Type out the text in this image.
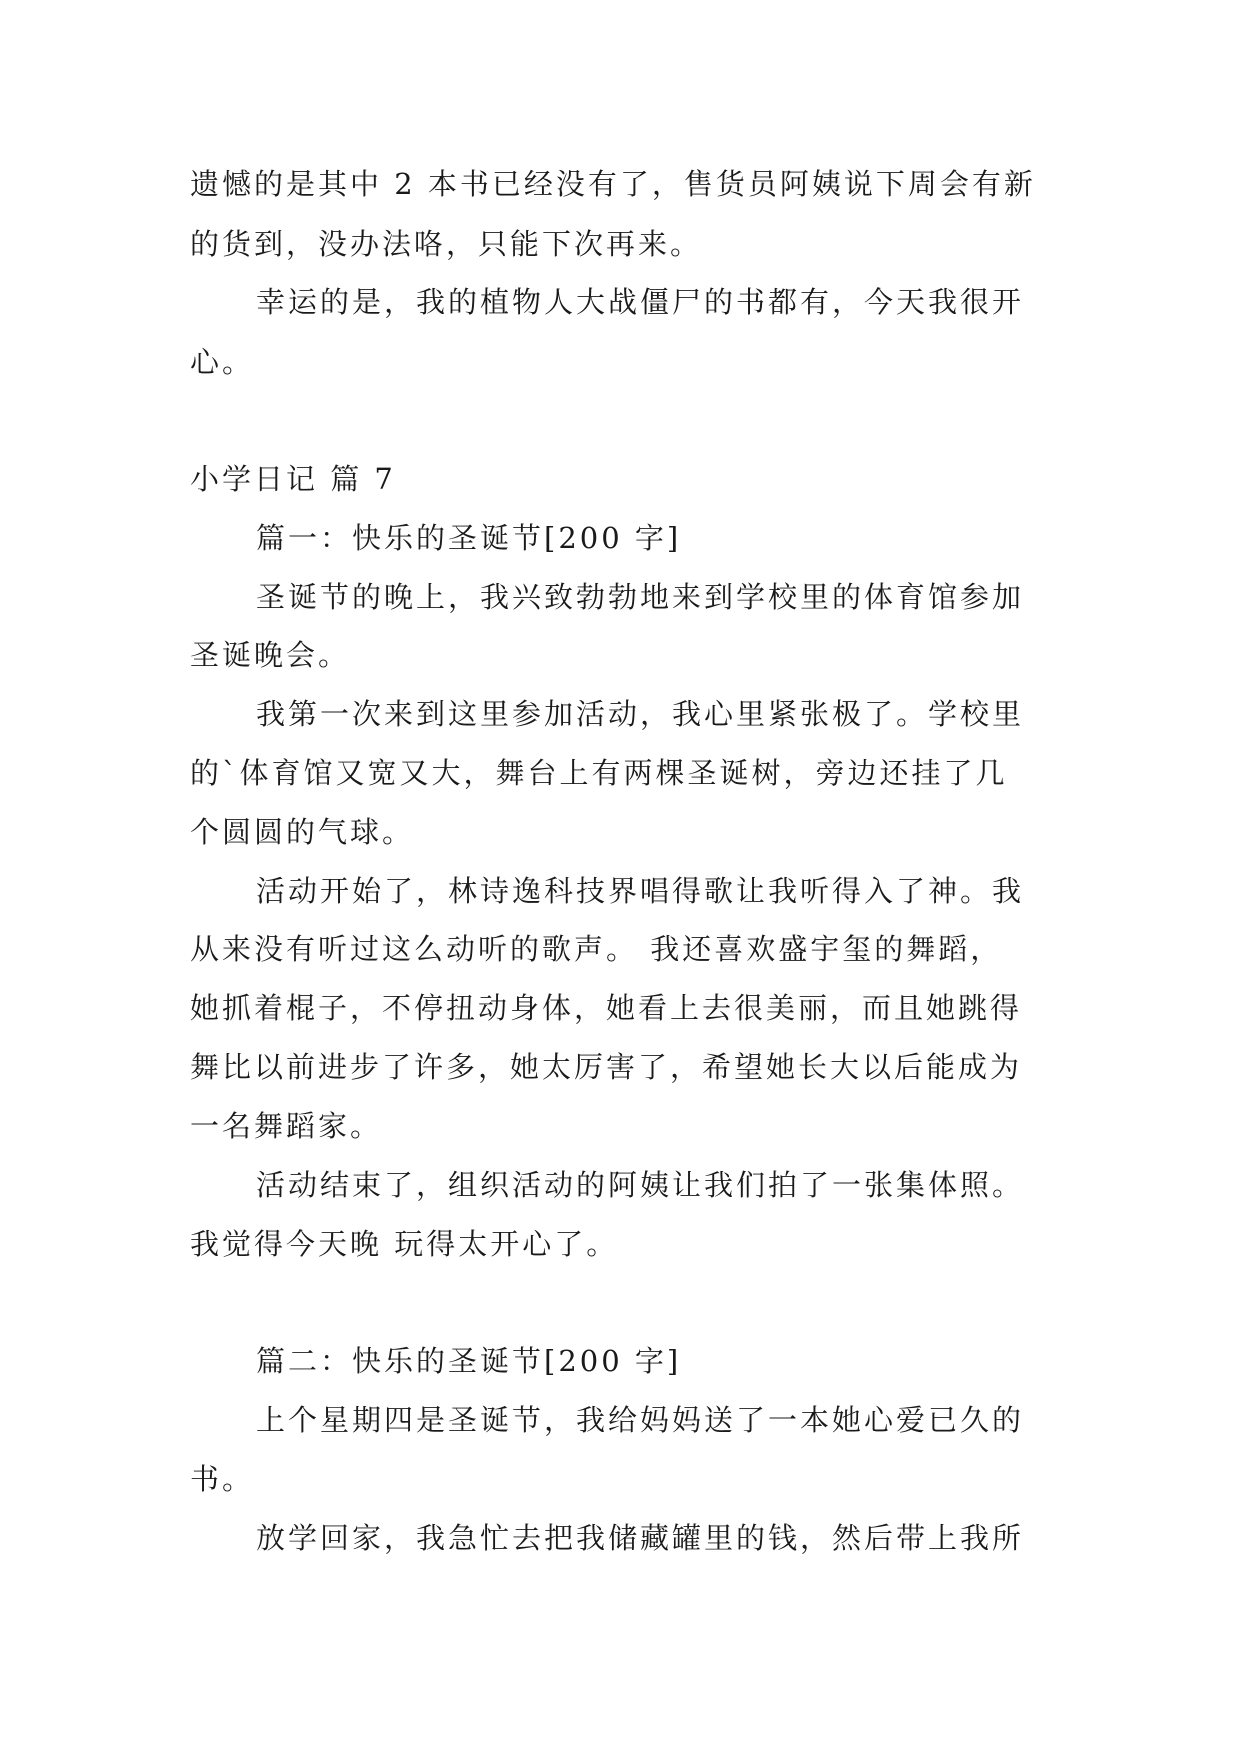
遗憾的是其中 2 本书已经没有了，售货员阿姨说下周会有新
的货到，没办法咯，只能下次再来。
幸运的是，我的植物人大战僵尸的书都有，今天我很开
心。
小学日记 篇 7
篇一：快乐的圣诞节[200 字]
圣诞节的晚上，我兴致勃勃地来到学校里的体育馆参加
圣诞晚会。
我第一次来到这里参加活动，我心里紧张极了。学校里
的`体育馆又宽又大，舞台上有两棵圣诞树，旁边还挂了几
个圆圆的气球。
活动开始了，林诗逸科技界唱得歌让我听得入了神。我
从来没有听过这么动听的歌声。 我还喜欢盛宇玺的舞蹈，
她抓着棍子，不停扭动身体，她看上去很美丽，而且她跳得
舞比以前进步了许多，她太厉害了，希望她长大以后能成为
一名舞蹈家。
活动结束了，组织活动的阿姨让我们拍了一张集体照。
我觉得今天晚 玩得太开心了。
篇二：快乐的圣诞节[200 字]
上个星期四是圣诞节，我给妈妈送了一本她心爱已久的
书。
放学回家，我急忙去把我储藏罐里的钱，然后带上我所
